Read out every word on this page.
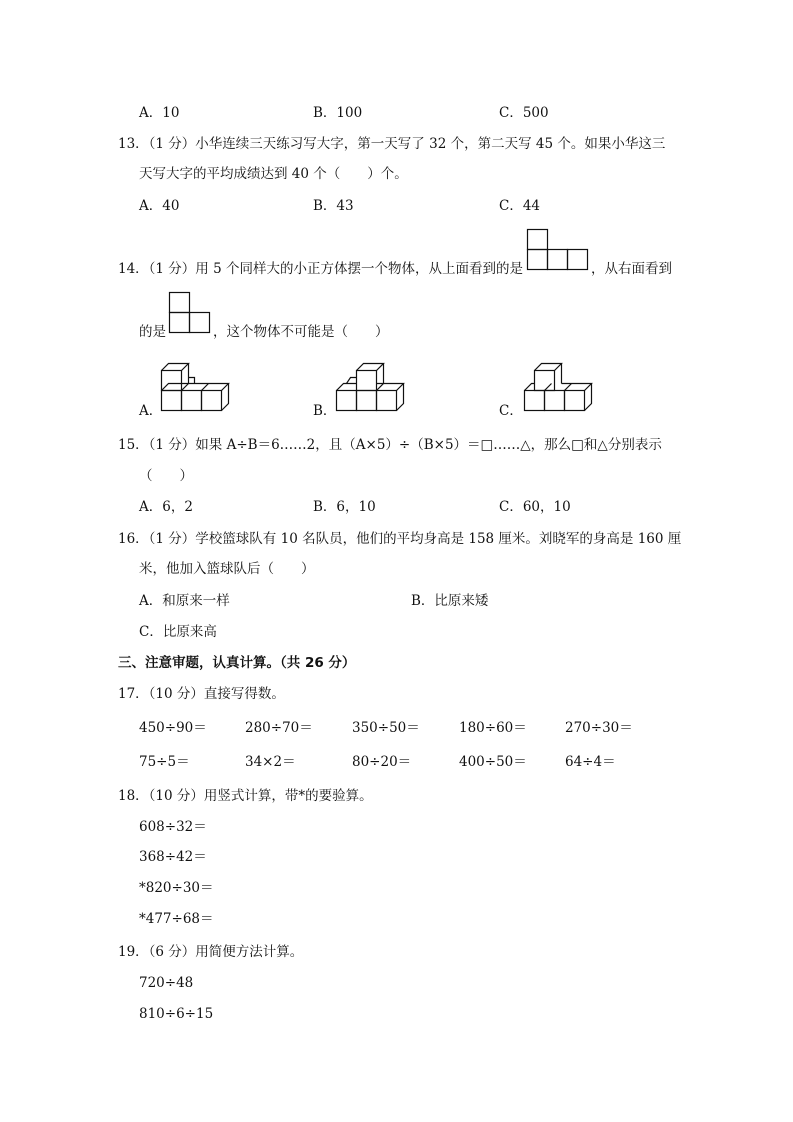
A．10	B．100	C．500
13．（1 分）小华连续三天练习写大字，第一天写了 32 个，第二天写 45 个。如果小华这三
天写大字的平均成绩达到 40 个（　　）个。
A．40	B．43	C．44
14．（1 分）用 5 个同样大的小正方体摆一个物体，从上面看到的是	，从右面看到
的是	，这个物体不可能是（　　）
A．	B．	C．
15．（1 分）如果 A÷B＝6……2，且（A×5）÷（B×5）＝□……△，那么□和△分别表示
（　　）
A．6，2	B．6，10	C．60，10
16．（1 分）学校篮球队有 10 名队员，他们的平均身高是 158 厘米。刘晓军的身高是 160 厘
米，他加入篮球队后（　　）
A．和原来一样	B．比原来矮
C．比原来高
三、注意审题，认真计算。（共 26 分）
17．（10 分）直接写得数。
450÷90＝	280÷70＝	350÷50＝	180÷60＝	270÷30＝
75÷5＝	34×2＝	80÷20＝	400÷50＝	64÷4＝
18．（10 分）用竖式计算，带*的要验算。
608÷32＝
368÷42＝
*820÷30＝
*477÷68＝
19．（6 分）用简便方法计算。
720÷48
810÷6÷15
